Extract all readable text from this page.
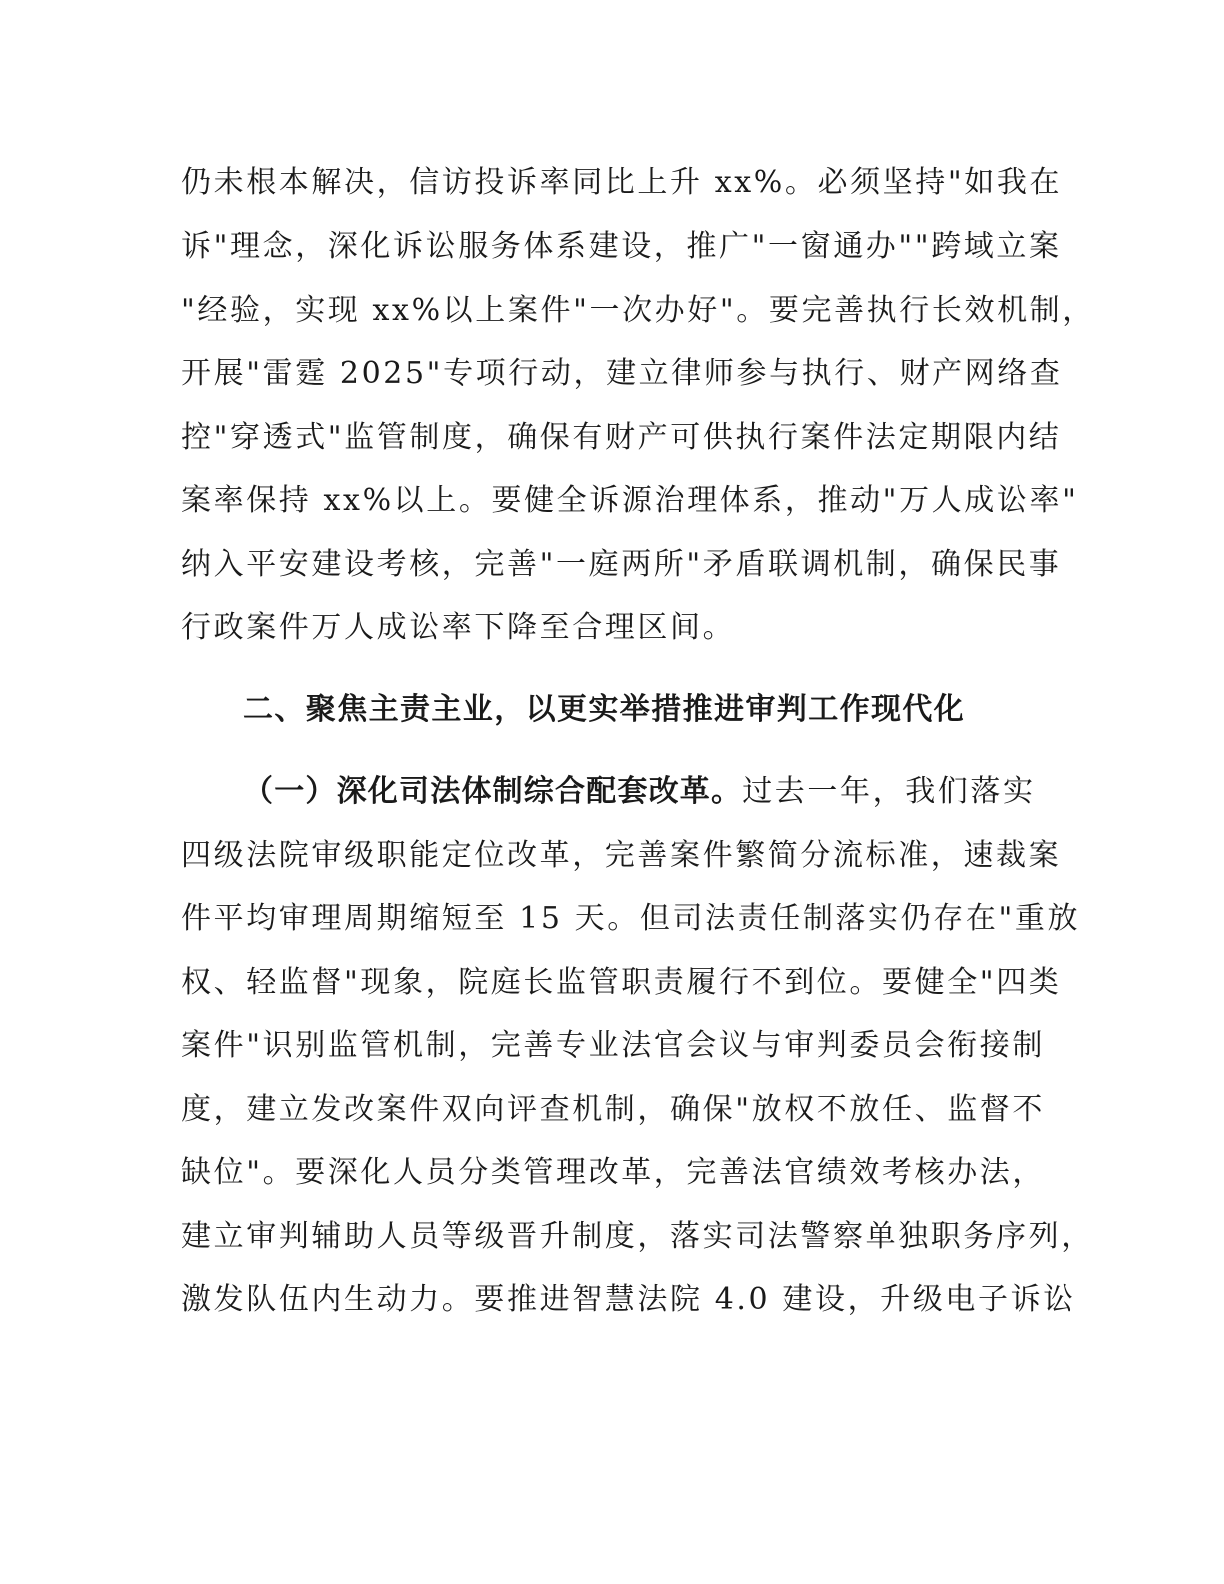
仍未根本解决，信访投诉率同比上升 xx%。必须坚持"如我在
诉"理念，深化诉讼服务体系建设，推广"一窗通办""跨域立案
"经验，实现 xx%以上案件"一次办好"。要完善执行长效机制，
开展"雷霆 2025"专项行动，建立律师参与执行、财产网络查
控"穿透式"监管制度，确保有财产可供执行案件法定期限内结
案率保持 xx%以上。要健全诉源治理体系，推动"万人成讼率"
纳入平安建设考核，完善"一庭两所"矛盾联调机制，确保民事
行政案件万人成讼率下降至合理区间。
二、聚焦主责主业，以更实举措推进审判工作现代化
（一）深化司法体制综合配套改革。过去一年，我们落实
四级法院审级职能定位改革，完善案件繁简分流标准，速裁案
件平均审理周期缩短至 15 天。但司法责任制落实仍存在"重放
权、轻监督"现象，院庭长监管职责履行不到位。要健全"四类
案件"识别监管机制，完善专业法官会议与审判委员会衔接制
度，建立发改案件双向评查机制，确保"放权不放任、监督不
缺位"。要深化人员分类管理改革，完善法官绩效考核办法，
建立审判辅助人员等级晋升制度，落实司法警察单独职务序列，
激发队伍内生动力。要推进智慧法院 4.0 建设，升级电子诉讼
